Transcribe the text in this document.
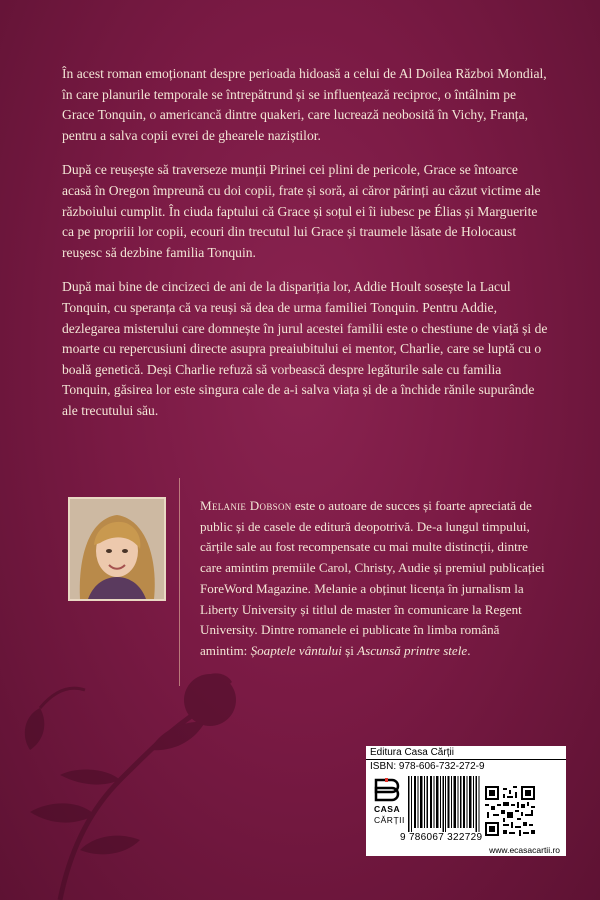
În acest roman emoționant despre perioada hidoasă a celui de Al Doilea Război Mondial, în care planurile temporale se întrepătrund și se influențează reciproc, o întâlnim pe Grace Tonquin, o americancă dintre quakeri, care lucrează neobosită în Vichy, Franța, pentru a salva copii evrei de ghearele naziștilor.

După ce reușește să traverseze munții Pirinei cei plini de pericole, Grace se întoarce acasă în Oregon împreună cu doi copii, frate și soră, ai căror părinți au căzut victime ale războiului cumplit. În ciuda faptului că Grace și soțul ei îi iubesc pe Élias și Marguerite ca pe propriii lor copii, ecouri din trecutul lui Grace și traumele lăsate de Holocaust reușesc să dezbine familia Tonquin.

După mai bine de cincizeci de ani de la dispariția lor, Addie Hoult sosește la Lacul Tonquin, cu speranța că va reuși să dea de urma familiei Tonquin. Pentru Addie, dezlegarea misterului care domnește în jurul acestei familii este o chestiune de viață și de moarte cu repercusiuni directe asupra preaiubitului ei mentor, Charlie, care se luptă cu o boală genetică. Deși Charlie refuză să vorbească despre legăturile sale cu familia Tonquin, găsirea lor este singura cale de a-i salva viața și de a închide rănile supurânde ale trecutului său.

Melanie Dobson este o autoare de succes și foarte apreciată de public și de casele de editură deopotrivă. De-a lungul timpului, cărțile sale au fost recompensate cu mai multe distincții, dintre care amintim premiile Carol, Christy, Audie și premiul publicației ForeWord Magazine. Melanie a obținut licența în jurnalism la Liberty University și titlul de master în comunicare la Regent University. Dintre romanele ei publicate în limba română amintim: Șoaptele vântului și Ascunsă printre stele.
Editura Casa Cărții
ISBN: 978-606-732-272-9
CASA
CĂRȚII
9 786067 322729
www.ecasacartii.ro
